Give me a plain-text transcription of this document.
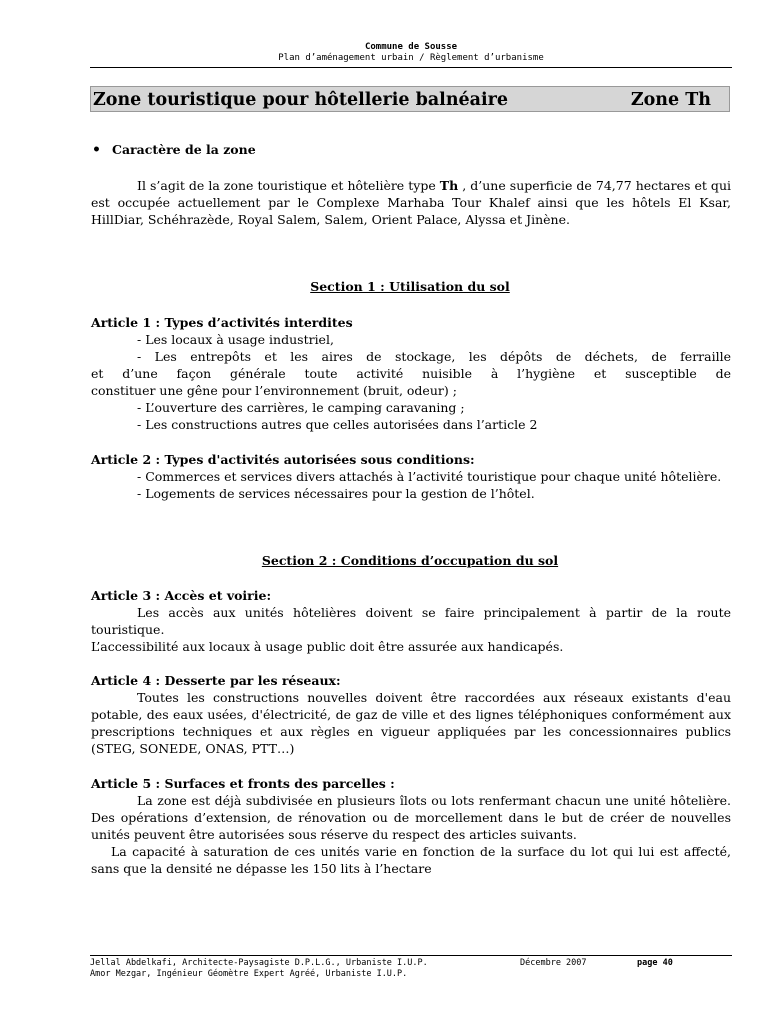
Commune de Sousse
Plan d’aménagement urbain / Règlement d’urbanisme
Zone touristique pour hôtellerie balnéaire	Zone Th
• Caractère de la zone
Il s’agit de la zone touristique et hôtelière type Th , d’une superficie de 74,77 hectares et qui est occupée actuellement par le Complexe Marhaba Tour Khalef ainsi que les hôtels El Ksar, HillDiar, Schéhrazède, Royal Salem, Salem, Orient Palace, Alyssa et Jinène.
Section 1 : Utilisation du sol
Article 1 : Types d’activités interdites
- Les locaux à usage industriel,
- Les entrepôts et les aires de stockage, les dépôts de déchets, de ferraille
et d’une façon générale toute activité nuisible à l’hygiène et susceptible de
constituer une gêne pour l’environnement (bruit, odeur) ;
- L’ouverture des carrières, le camping caravaning ;
- Les constructions autres que celles autorisées dans l’article 2
Article 2 : Types d'activités autorisées sous conditions:
- Commerces et services divers attachés à l’activité touristique pour chaque unité hôtelière.
- Logements de services nécessaires pour la gestion de l’hôtel.
Section 2 : Conditions d’occupation du sol
Article 3 : Accès et voirie:
Les accès aux unités hôtelières doivent se faire principalement à partir de la route touristique.
L’accessibilité aux locaux à usage public doit être assurée aux handicapés.
Article 4 : Desserte par les réseaux:
Toutes les constructions nouvelles doivent être raccordées aux réseaux existants d'eau potable, des eaux usées, d'électricité, de gaz de ville et des lignes téléphoniques conformément aux prescriptions techniques et aux règles en vigueur appliquées par les concessionnaires publics (STEG, SONEDE, ONAS, PTT…)
Article 5 : Surfaces et fronts des parcelles :
La zone est déjà subdivisée en plusieurs îlots ou lots renfermant chacun une unité hôtelière. Des opérations d’extension, de rénovation ou de morcellement dans le but de créer de nouvelles unités peuvent être autorisées sous réserve du respect des articles suivants.
La capacité à saturation de ces unités varie en fonction de la surface du lot qui lui est affecté, sans que la densité ne dépasse les 150 lits à l’hectare
Jellal Abdelkafi, Architecte-Paysagiste D.P.L.G., Urbaniste I.U.P.
Amor Mezgar, Ingénieur Géomètre Expert Agréé, Urbaniste I.U.P.
Décembre 2007	page 40
